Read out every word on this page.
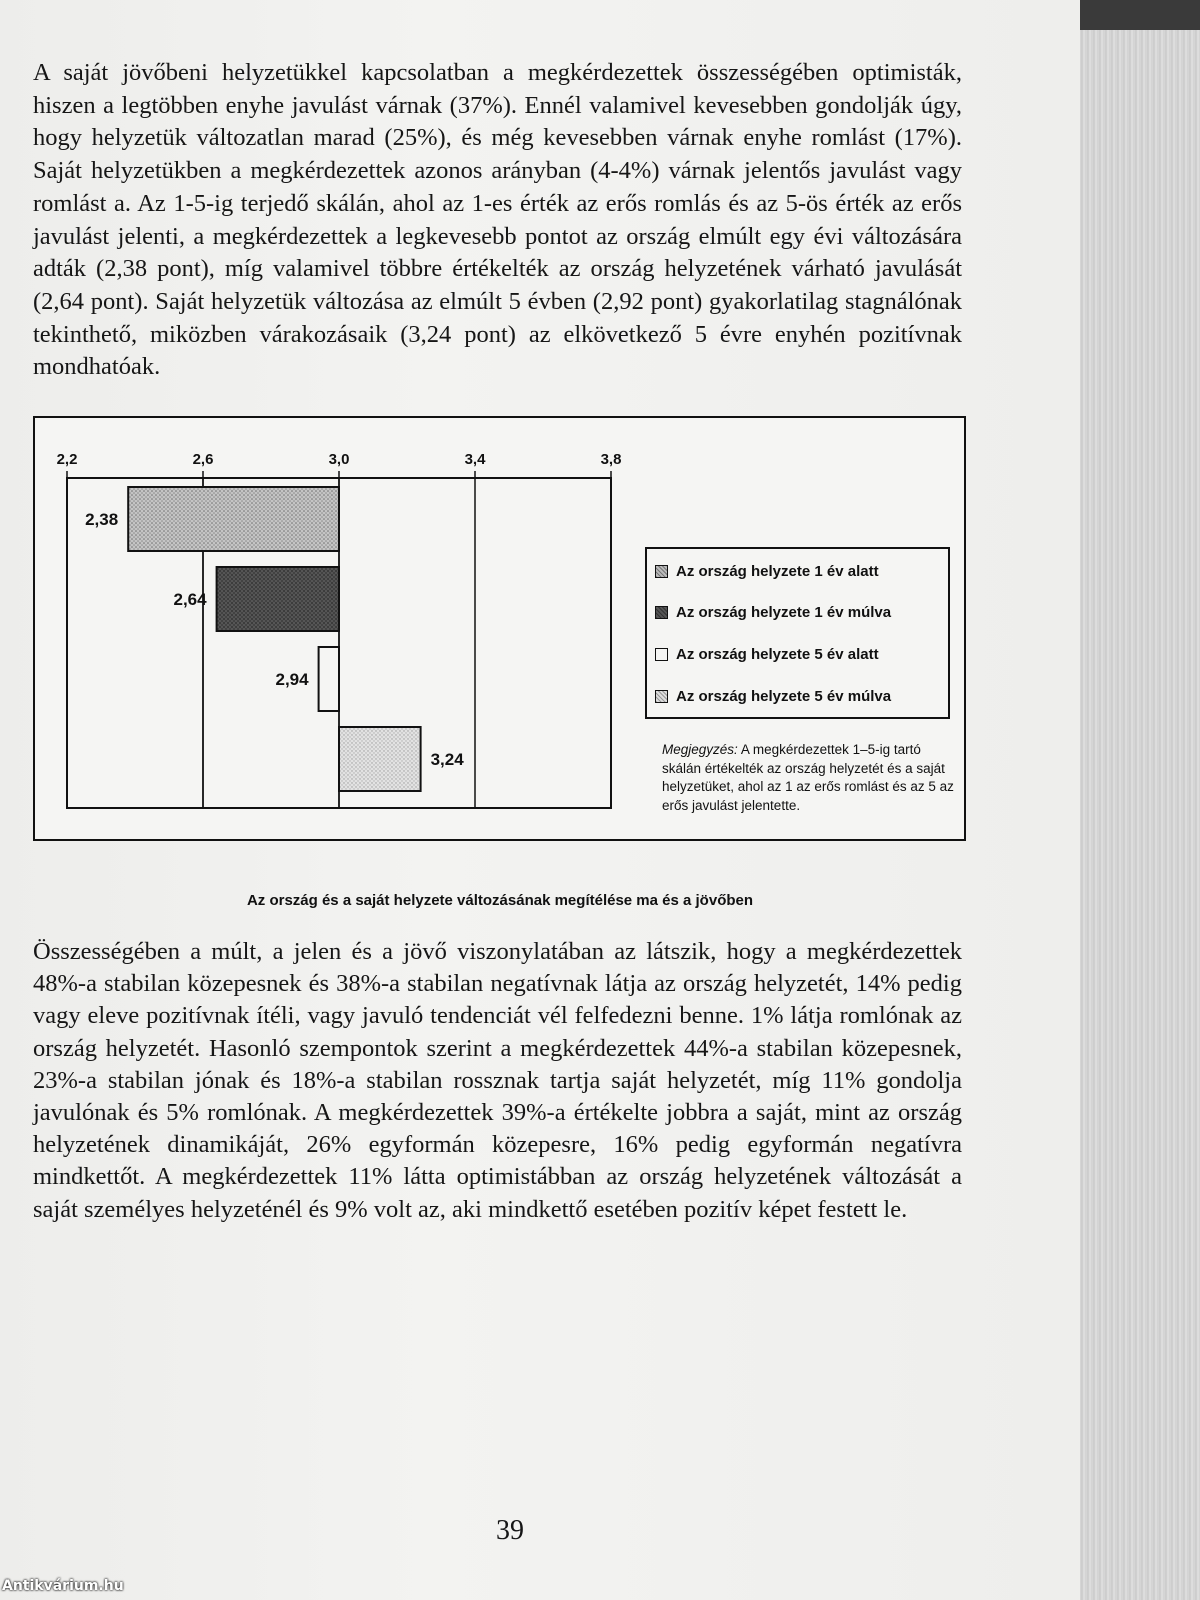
A saját jövőbeni helyzetükkel kapcsolatban a megkérdezettek összességében optimisták, hiszen a legtöbben enyhe javulást várnak (37%). Ennél valamivel kevesebben gondolják úgy, hogy helyzetük változatlan marad (25%), és még kevesebben várnak enyhe romlást (17%). Saját helyzetükben a megkérdezettek azonos arányban (4-4%) várnak jelentős javulást vagy romlást a. Az 1-5-ig terjedő skálán, ahol az 1-es érték az erős romlás és az 5-ös érték az erős javulást jelenti, a megkérdezettek a legkevesebb pontot az ország elmúlt egy évi változására adták (2,38 pont), míg valamivel többre értékelték az ország helyzetének várható javulását (2,64 pont). Saját helyzetük változása az elmúlt 5 évben (2,92 pont) gyakorlatilag stagnálónak tekinthető, miközben várakozásaik (3,24 pont) az elkövetkező 5 évre enyhén pozitívnak mondhatóak.

2,2	2,6	3,0	3,4	3,8
2,38
2,64
2,94
3,24
Az ország helyzete 1 év alatt
Az ország helyzete 1 év múlva
Az ország helyzete 5 év alatt
Az ország helyzete 5 év múlva
Megjegyzés: A megkérdezettek 1–5-ig tartó skálán értékelték az ország helyzetét és a saját helyzetüket, ahol az 1 az erős romlást és az 5 az erős javulást jelentette.
Az ország és a saját helyzete változásának megítélése ma és a jövőben

Összességében a múlt, a jelen és a jövő viszonylatában az látszik, hogy a megkérdezettek 48%-a stabilan közepesnek és 38%-a stabilan negatívnak látja az ország helyzetét, 14% pedig vagy eleve pozitívnak ítéli, vagy javuló tendenciát vél felfedezni benne. 1% látja romlónak az ország helyzetét. Hasonló szempontok szerint a megkérdezettek 44%-a stabilan közepesnek, 23%-a stabilan jónak és 18%-a stabilan rossznak tartja saját helyzetét, míg 11% gondolja javulónak és 5% romlónak. A megkérdezettek 39%-a értékelte jobbra a saját, mint az ország helyzetének dinamikáját, 26% egyformán közepesre, 16% pedig egyformán negatívra mindkettőt. A megkérdezettek 11% látta optimistábban az ország helyzetének változását a saját személyes helyzeténél és 9% volt az, aki mindkettő esetében pozitív képet festett le.

39
Antikvárium.hu
